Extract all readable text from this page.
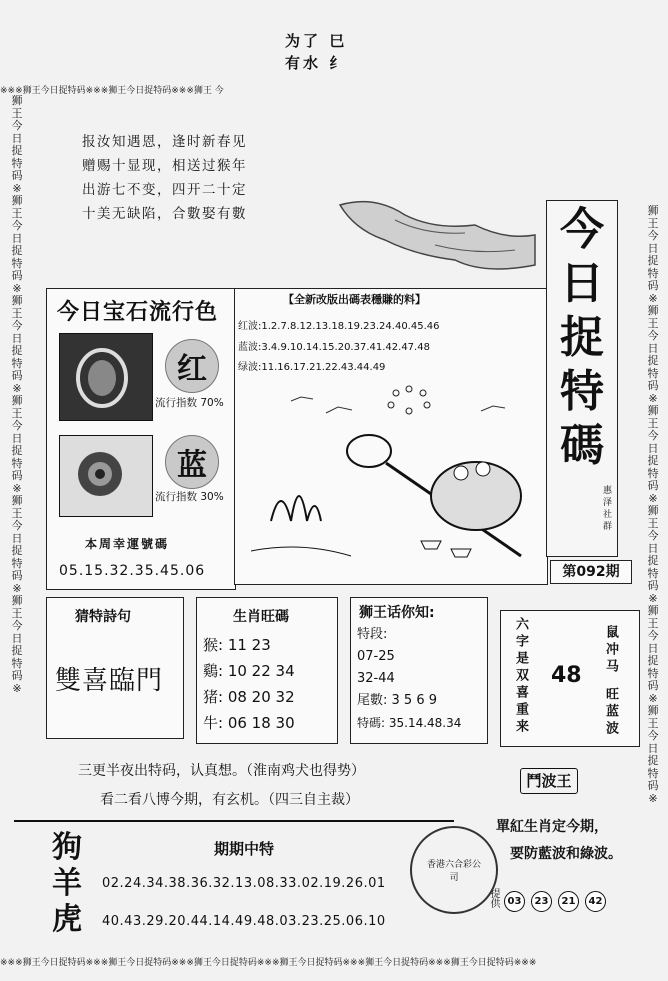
为了 巳
有水 纟
※※※狮王今日捉特码※※※狮王今日捉特码※※※狮王 今
狮王今日捉特码※狮王今日捉特码※狮王今日捉特码※狮王今日捉特码※狮王今日捉特码※狮王今日捉特码※
狮王今日捉特码※狮王今日捉特码※狮王今日捉特码※狮王今日捉特码※狮王今日捉特码※狮王今日捉特码※
※※※狮王今日捉特码※※※狮王今日捉特码※※※狮王今日捉特码※※※狮王今日捉特码※※※狮王今日捉特码※※※狮王今日捉特码※※※
报汝知遇恩，逢时新春见
赠赐十显现，相送过猴年
出游七不变，四开二十定
十美无缺陷，合數娶有數
今日宝石流行色
红
流行指数 70%
蓝
流行指数 30%
本周幸運號碼
05.15.32.35.45.06
【全新改版出碼表穩賺的料】
红波:1.2.7.8.12.13.18.19.23.24.40.45.46
蓝波:3.4.9.10.14.15.20.37.41.42.47.48
绿波:11.16.17.21.22.43.44.49
今
日
捉
特
碼
惠泽社群
第092期
猜特詩句
雙喜臨門
生肖旺碼
猴: 11 23
鷄: 10 22 34
猪: 08 20 32
牛: 06 18 30
狮王话你知:
特段:
07-25
32-44
尾數: 3 5 6 9
特碼: 35.14.48.34	六字是双喜重来 48 鼠冲马
旺蓝波
三更半夜出特码，认真想。（淮南鸡犬也得势）
看二看八博今期，有玄机。（四三自主裁）
鬥波王
單紅生肖定今期，
要防藍波和綠波。
提供 03	23	21	42
香港六合彩公司
狗
羊
虎
期期中特
02.24.34.38.36.32.13.08.33.02.19.26.01
40.43.29.20.44.14.49.48.03.23.25.06.10
